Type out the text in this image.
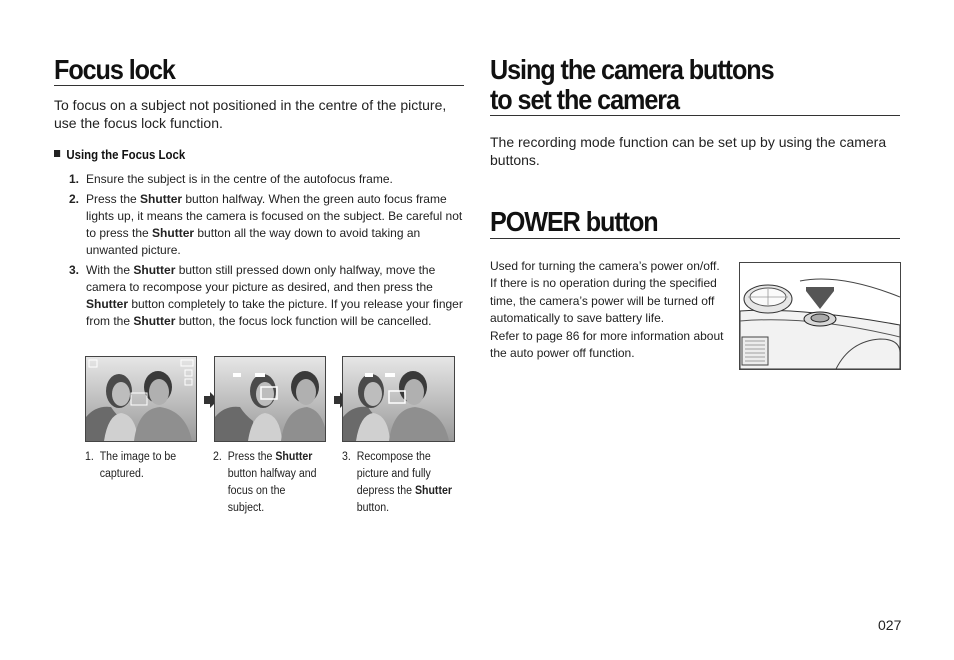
Focus lock

To focus on a subject not positioned in the centre of the picture, use the focus lock function.

Using the Focus Lock

1. Ensure the subject is in the centre of the autofocus frame.
2. Press the Shutter button halfway. When the green auto focus frame lights up, it means the camera is focused on the subject. Be careful not to press the Shutter button all the way down to avoid taking an unwanted picture.
3. With the Shutter button still pressed down only halfway, move the camera to recompose your picture as desired, and then press the Shutter button completely to take the picture. If you release your finger from the Shutter button, the focus lock function will be cancelled.
1. The image to be captured.
2. Press the Shutter button halfway and focus on the subject.
3. Recompose the picture and fully depress the Shutter button.
Using the camera buttons
to set the camera

The recording mode function can be set up by using the camera buttons.

POWER button

Used for turning the camera’s power on/off.
If there is no operation during the specified
time, the camera’s power will be turned off
automatically to save battery life.
Refer to page 86 for more information about
the auto power off function.

027
